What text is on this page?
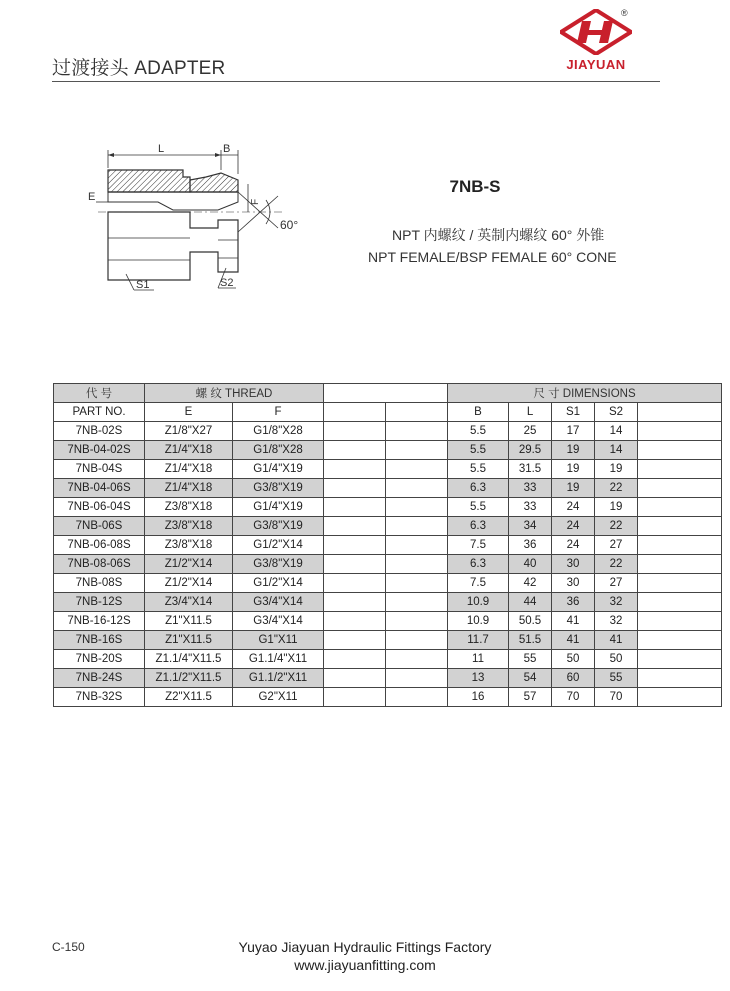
过渡接头 ADAPTER
®
JIAYUAN
L	B
E	F
60°
S1	S2
7NB-S
NPT 内螺纹 / 英制内螺纹 60° 外锥
NPT FEMALE/BSP FEMALE 60° CONE
代 号	螺 纹 THREAD				尺 寸 DIMENSIONS				
PART NO.	E	F			B	L	S1	S2	
7NB-02S	Z1/8"X27	G1/8"X28			5.5	25	17	14	
7NB-04-02S	Z1/4"X18	G1/8"X28			5.5	29.5	19	14	
7NB-04S	Z1/4"X18	G1/4"X19			5.5	31.5	19	19	
7NB-04-06S	Z1/4"X18	G3/8"X19			6.3	33	19	22	
7NB-06-04S	Z3/8"X18	G1/4"X19			5.5	33	24	19	
7NB-06S	Z3/8"X18	G3/8"X19			6.3	34	24	22	
7NB-06-08S	Z3/8"X18	G1/2"X14			7.5	36	24	27	
7NB-08-06S	Z1/2"X14	G3/8"X19			6.3	40	30	22	
7NB-08S	Z1/2"X14	G1/2"X14			7.5	42	30	27	
7NB-12S	Z3/4"X14	G3/4"X14			10.9	44	36	32	
7NB-16-12S	Z1"X11.5	G3/4"X14			10.9	50.5	41	32	
7NB-16S	Z1"X11.5	G1"X11			11.7	51.5	41	41	
7NB-20S	Z1.1/4"X11.5	G1.1/4"X11			11	55	50	50	
7NB-24S	Z1.1/2"X11.5	G1.1/2"X11			13	54	60	55	
7NB-32S	Z2"X11.5	G2"X11			16	57	70	70	
C-150	Yuyao Jiayuan Hydraulic Fittings Factory
www.jiayuanfitting.com
